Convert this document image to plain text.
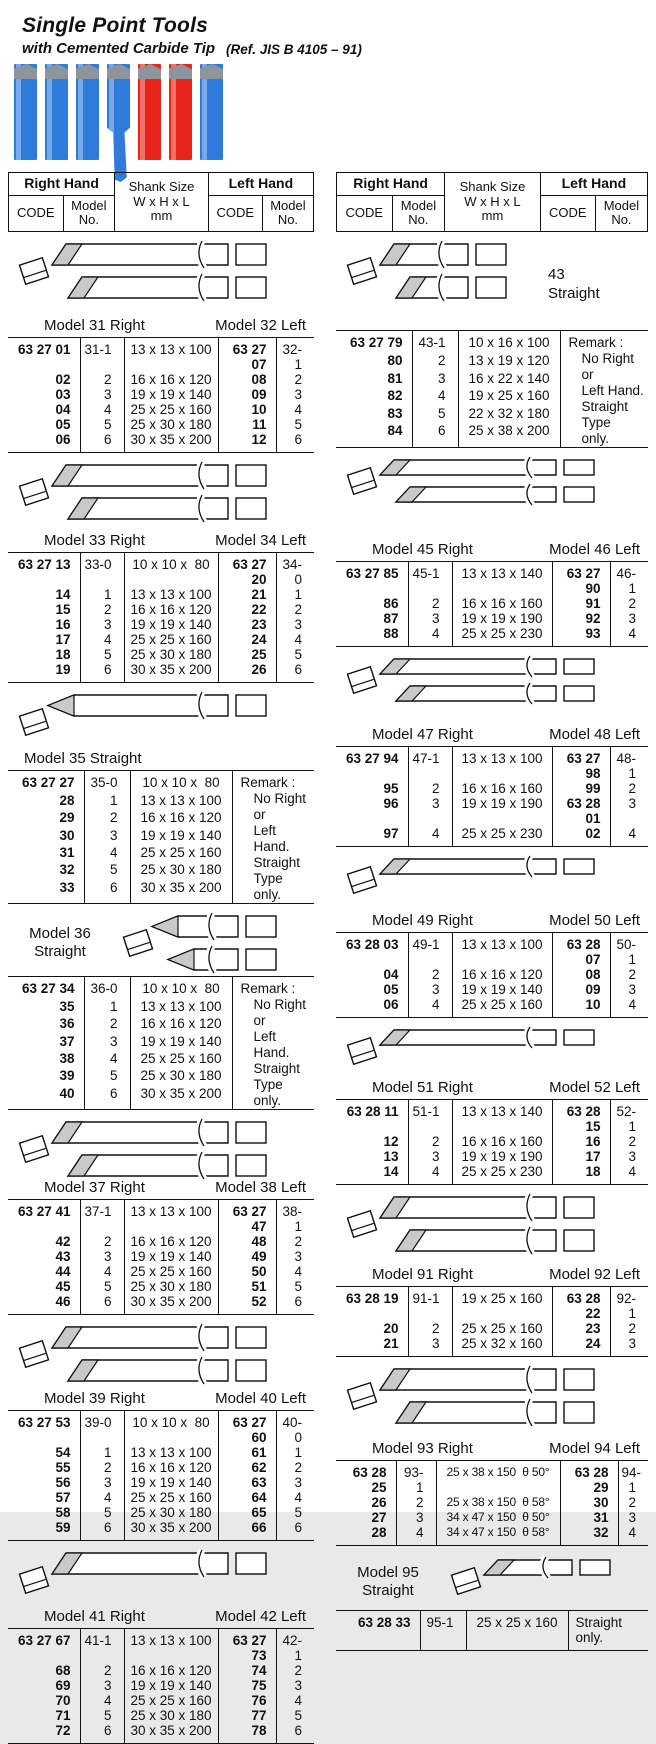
Single Point Tools
with Cemented Carbide Tip (Ref. JIS B 4105 – 91)
Right Hand		Shank Size
W x H x L
mm	Left Hand	
CODE	Model
No.		CODE	Model
No.
Model 31 Right	Model 32 Left
63 27 01	31-1	13 x 13 x 100	63 27 07	32-1
02	2	16 x 16 x 120	08	2
03	3	19 x 19 x 140	09	3
04	4	25 x 25 x 160	10	4
05	5	25 x 30 x 180	11	5
06	6	30 x 35 x 200	12	6
Model 33 Right	Model 34 Left
63 27 13	33-0	10 x 10 x  80	63 27 20	34-0
14	1	13 x 13 x 100	21	1
15	2	16 x 16 x 120	22	2
16	3	19 x 19 x 140	23	3
17	4	25 x 25 x 160	24	4
18	5	25 x 30 x 180	25	5
19	6	30 x 35 x 200	26	6
Model 35 Straight
63 27 27	35-0	10 x 10 x  80	Remark :
No Right or
Left Hand.
Straight Type
only.

28	1	13 x 13 x 100	
29	2	16 x 16 x 120	
30	3	19 x 19 x 140	
31	4	25 x 25 x 160	
32	5	25 x 30 x 180	
33	6	30 x 35 x 200	
Model 36
Straight
63 27 34	36-0	10 x 10 x  80	Remark :
No Right or
Left Hand.
Straight Type
only.

35	1	13 x 13 x 100	
36	2	16 x 16 x 120	
37	3	19 x 19 x 140	
38	4	25 x 25 x 160	
39	5	25 x 30 x 180	
40	6	30 x 35 x 200	
Model 37 Right	Model 38 Left
63 27 41	37-1	13 x 13 x 100	63 27 47	38-1
42	2	16 x 16 x 120	48	2
43	3	19 x 19 x 140	49	3
44	4	25 x 25 x 160	50	4
45	5	25 x 30 x 180	51	5
46	6	30 x 35 x 200	52	6
Model 39 Right	Model 40 Left
63 27 53	39-0	10 x 10 x  80	63 27 60	40-0
54	1	13 x 13 x 100	61	1
55	2	16 x 16 x 120	62	2
56	3	19 x 19 x 140	63	3
57	4	25 x 25 x 160	64	4
58	5	25 x 30 x 180	65	5
59	6	30 x 35 x 200	66	6
Model 41 Right	Model 42 Left
63 27 67	41-1	13 x 13 x 100	63 27 73	42-1
68	2	16 x 16 x 120	74	2
69	3	19 x 19 x 140	75	3
70	4	25 x 25 x 160	76	4
71	5	25 x 30 x 180	77	5
72	6	30 x 35 x 200	78	6
Right Hand		Shank Size
W x H x L
mm	Left Hand	
CODE	Model
No.		CODE	Model
No.
43
Straight
63 27 79	43-1	10 x 16 x 100	Remark :
No Right or
Left Hand.
Straight Type
only.

80	2	13 x 19 x 120	
81	3	16 x 22 x 140	
82	4	19 x 25 x 160	
83	5	22 x 32 x 180	
84	6	25 x 38 x 200	
Model 45 Right	Model 46 Left
63 27 85	45-1	13 x 13 x 140	63 27 90	46-1
86	2	16 x 16 x 160	91	2
87	3	19 x 19 x 190	92	3
88	4	25 x 25 x 230	93	4
Model 47 Right	Model 48 Left
63 27 94	47-1	13 x 13 x 100	63 27 98	48-1
95	2	16 x 16 x 160	99	2
96	3	19 x 19 x 190	63 28 01	3
97	4	25 x 25 x 230	02	4
Model 49 Right	Model 50 Left
63 28 03	49-1	13 x 13 x 100	63 28 07	50-1
04	2	16 x 16 x 120	08	2
05	3	19 x 19 x 140	09	3
06	4	25 x 25 x 160	10	4
Model 51 Right	Model 52 Left
63 28 11	51-1	13 x 13 x 140	63 28 15	52-1
12	2	16 x 16 x 160	16	2
13	3	19 x 19 x 190	17	3
14	4	25 x 25 x 230	18	4
Model 91 Right	Model 92 Left
63 28 19	91-1	19 x 25 x 160	63 28 22	92-1
20	2	25 x 25 x 160	23	2
21	3	25 x 32 x 160	24	3
Model 93 Right	Model 94 Left
63 28 25	93-1	25 x 38 x 150  θ 50°	63 28 29	94-1
26	2	25 x 38 x 150  θ 58°	30	2
27	3	34 x 47 x 150  θ 50°	31	3
28	4	34 x 47 x 150  θ 58°	32	4
Model 95
Straight
63 28 33	95-1	25 x 25 x 160	Straight only.
